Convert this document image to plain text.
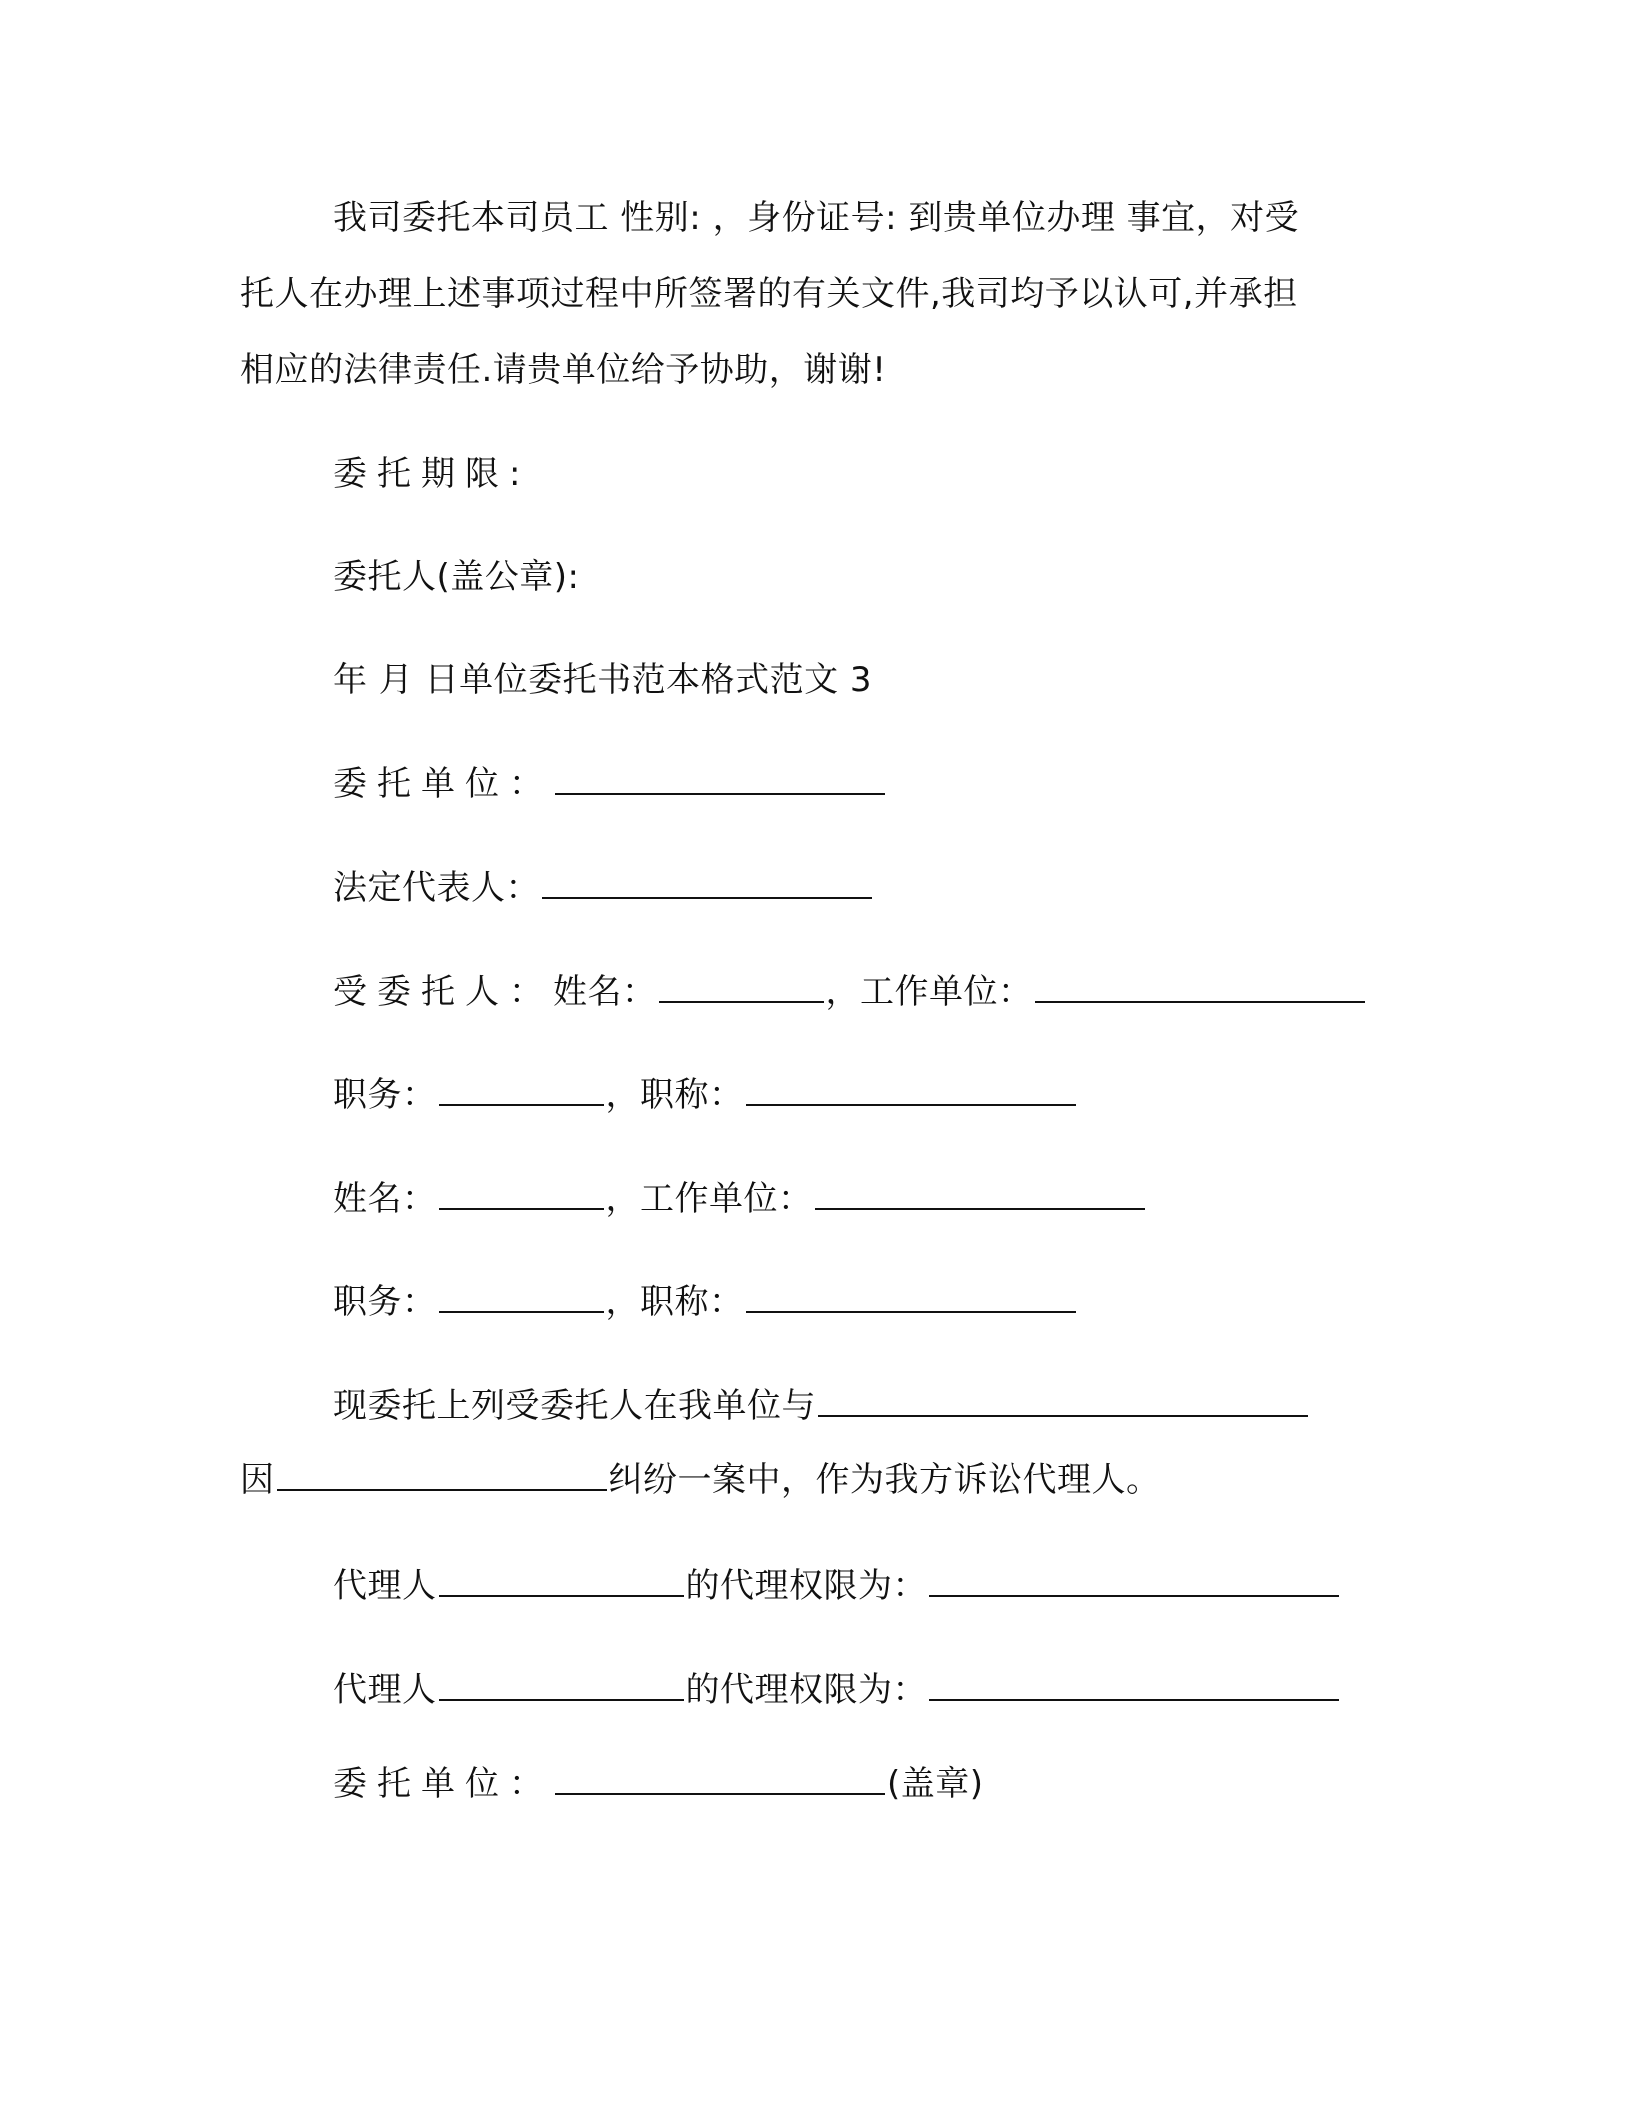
我司委托本司员工 性别: ，身份证号: 到贵单位办理 事宜，对受
托人在办理上述事项过程中所签署的有关文件,我司均予以认可,并承担
相应的法律责任.请贵单位给予协助，谢谢!
委托期限:
委托人(盖公章):
年 月 日单位委托书范本格式范文 3
委托单位：
法定代表人：
受委托人：姓名：	，工作单位：
职务：	，职称：
姓名：	，工作单位：
职务：	，职称：
现委托上列受委托人在我单位与
因	纠纷一案中，作为我方诉讼代理人。
代理人	的代理权限为：
代理人	的代理权限为：
委托单位：	(盖章)
